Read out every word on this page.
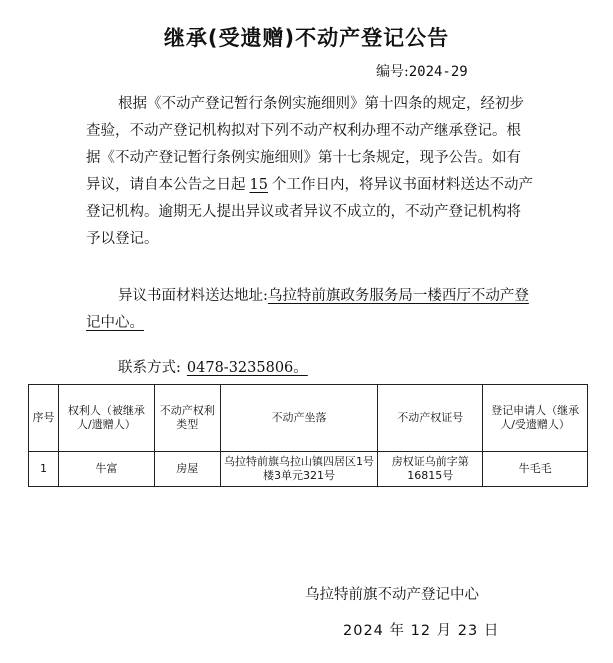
继承(受遗赠)不动产登记公告
编号:2024-29
根据《不动产登记暂行条例实施细则》第十四条的规定，经初步查验，不动产登记机构拟对下列不动产权利办理不动产继承登记。根据《不动产登记暂行条例实施细则》第十七条规定，现予公告。如有异议，请自本公告之日起 15 个工作日内，将异议书面材料送达不动产登记机构。逾期无人提出异议或者异议不成立的，不动产登记机构将予以登记。
异议书面材料送达地址:乌拉特前旗政务服务局一楼西厅不动产登记中心。
联系方式: 0478-3235806。
序号	权利人（被继承人/遗赠人）	不动产权利类型	不动产坐落	不动产权证号	登记申请人（继承人/受遗赠人）
1	牛富	房屋	乌拉特前旗乌拉山镇四居区1号楼3单元321号	房权证乌前字第16815号	牛毛毛
乌拉特前旗不动产登记中心
2024 年 12 月 23 日
